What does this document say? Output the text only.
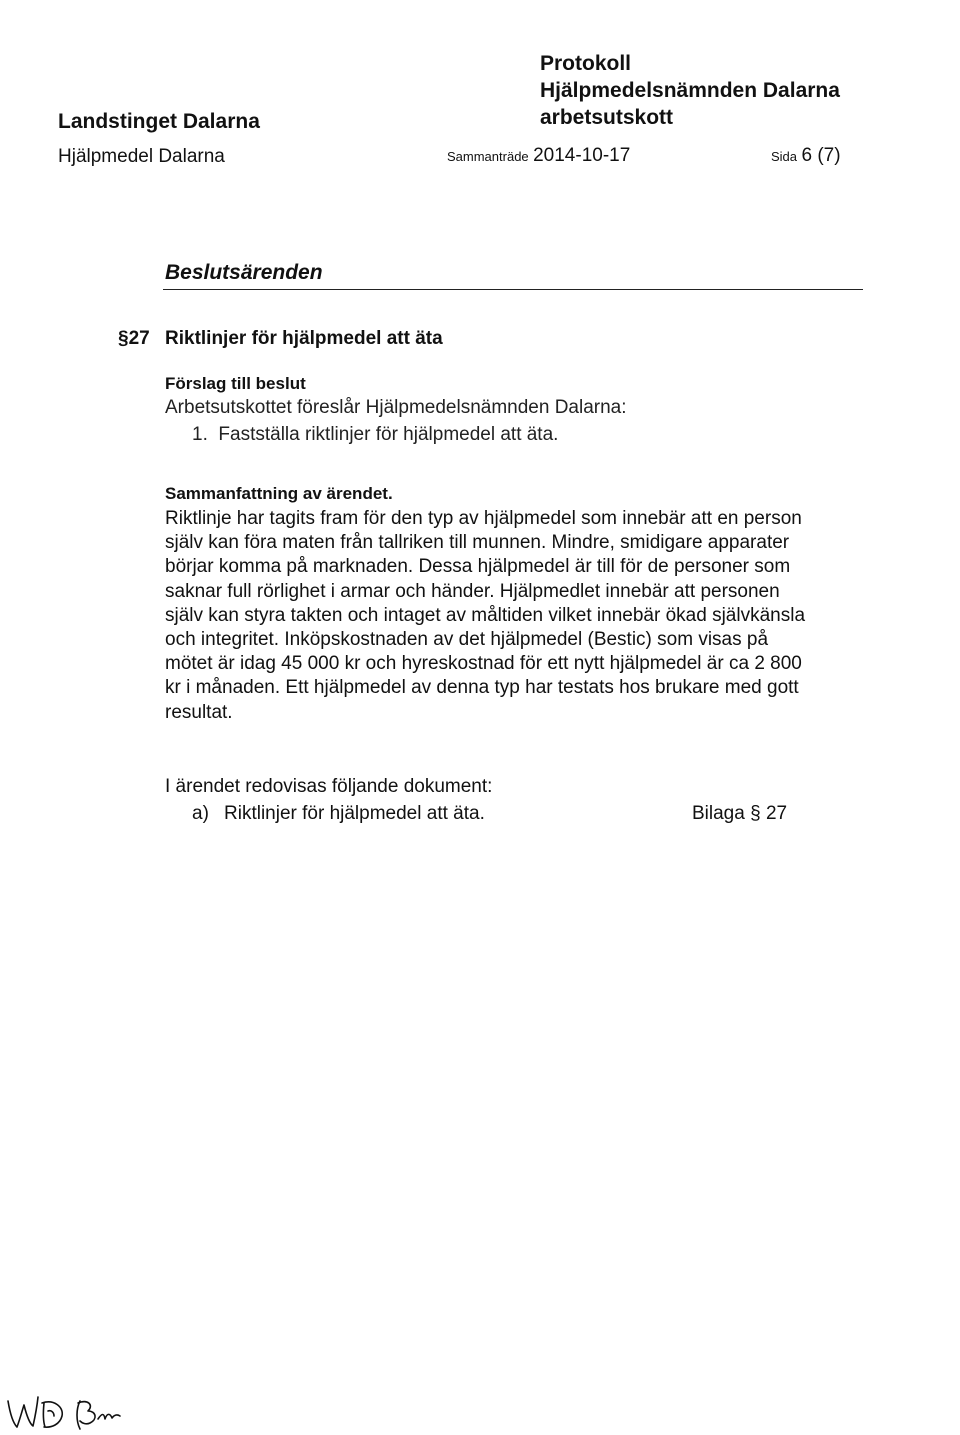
Landstinget Dalarna
Protokoll
Hjälpmedelsnämnden Dalarna
arbetsutskott
Hjälpmedel Dalarna	Sammanträde 2014-10-17	Sida 6 (7)
Beslutsärenden
§27 Riktlinjer för hjälpmedel att äta
Förslag till beslut
Arbetsutskottet föreslår Hjälpmedelsnämnden Dalarna:
1.  Fastställa riktlinjer för hjälpmedel att äta.
Sammanfattning av ärendet.
Riktlinje har tagits fram för den typ av hjälpmedel som innebär att en person
själv kan föra maten från tallriken till munnen. Mindre, smidigare apparater
börjar komma på marknaden. Dessa hjälpmedel är till för de personer som
saknar full rörlighet i armar och händer. Hjälpmedlet innebär att personen
själv kan styra takten och intaget av måltiden vilket innebär ökad självkänsla
och integritet. Inköpskostnaden av det hjälpmedel (Bestic) som visas på
mötet är idag 45 000 kr och hyreskostnad för ett nytt hjälpmedel är ca 2 800
kr i månaden. Ett hjälpmedel av denna typ har testats hos brukare med gott
resultat.
I ärendet redovisas följande dokument:
a) Riktlinjer för hjälpmedel att äta.	Bilaga § 27
